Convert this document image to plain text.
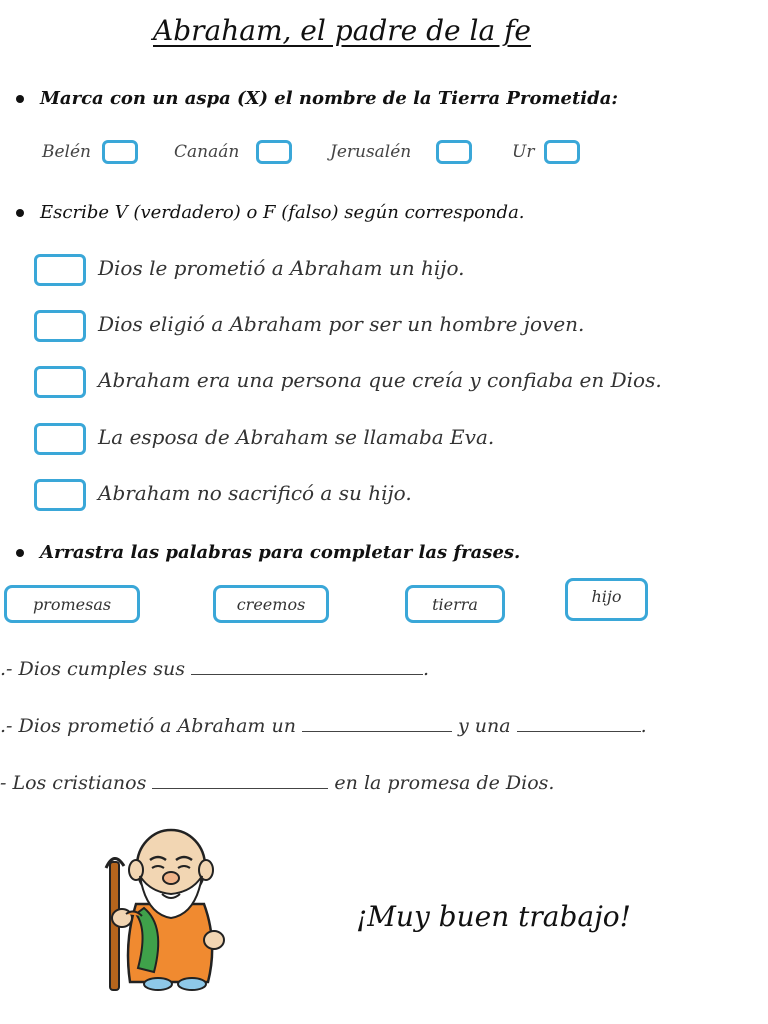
Abraham, el padre de la fe
Marca con un aspa (X) el nombre de la Tierra Prometida:
Belén	Canaán	Jerusalén	Ur
Escribe V (verdadero) o F (falso) según corresponda.
Dios le prometió a Abraham un hijo.
Dios eligió a Abraham por ser un hombre joven.
Abraham era una persona que creía y confiaba en Dios.
La esposa de Abraham se llamaba Eva.
Abraham no sacrificó a su hijo.
Arrastra las palabras para completar las frases.
promesas	creemos	tierra	hijo
.- Dios cumples sus	.
.- Dios prometió a Abraham un	y una	.
- Los cristianos	en la promesa de Dios.
¡Muy buen trabajo!
